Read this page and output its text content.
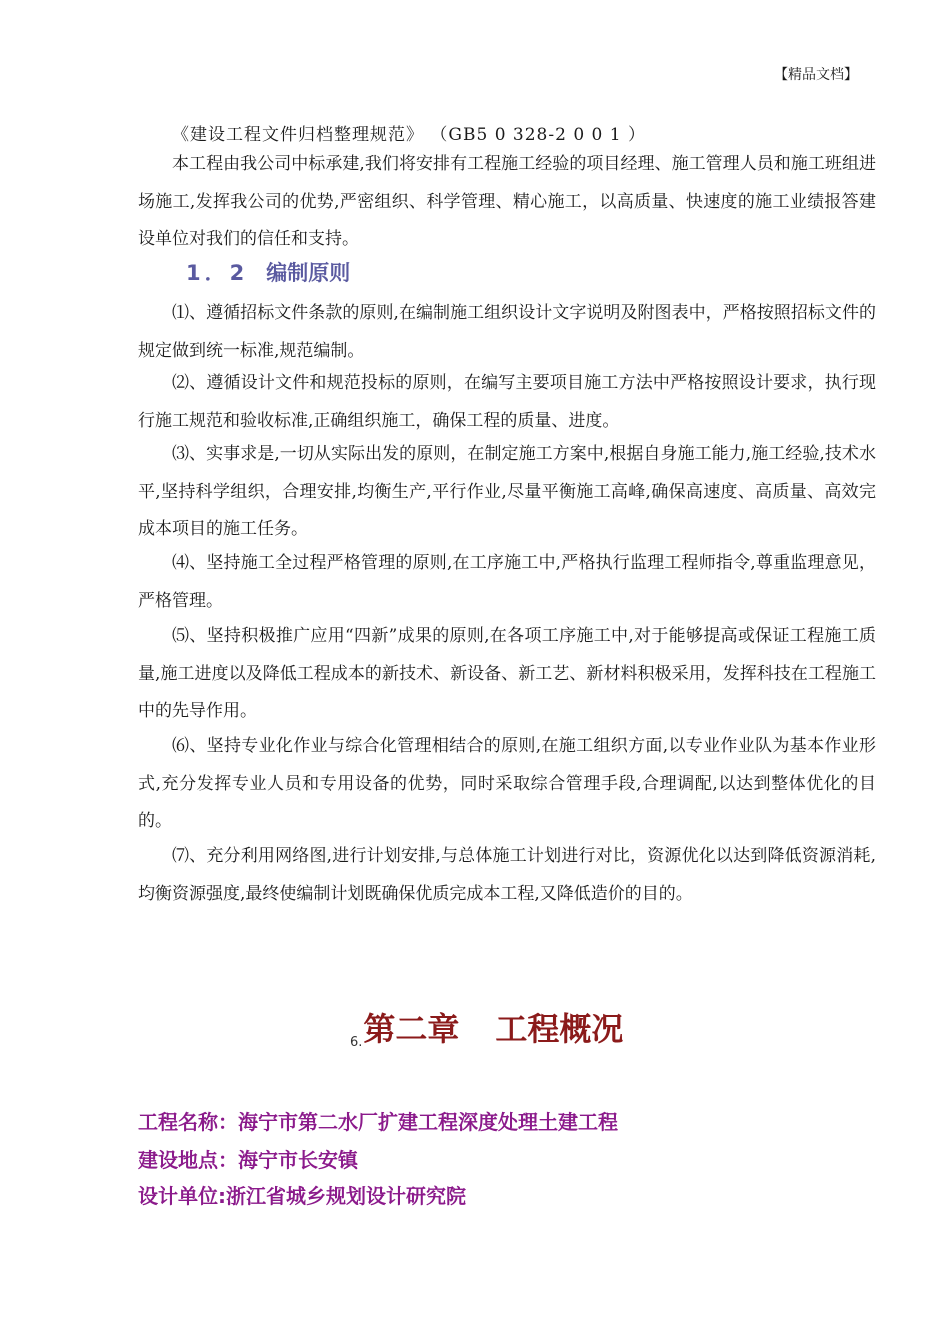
【精品文档】
《建设工程文件归档整理规范》 （GB5 0 328-2 0 0 1 ）
本工程由我公司中标承建,我们将安排有工程施工经验的项目经理、施工管理人员和施工班组进场施工,发挥我公司的优势,严密组织、科学管理、精心施工，以高质量、快速度的施工业绩报答建设单位对我们的信任和支持。
1．2 编制原则
⑴、遵循招标文件条款的原则,在编制施工组织设计文字说明及附图表中，严格按照招标文件的规定做到统一标准,规范编制。
⑵、遵循设计文件和规范投标的原则，在编写主要项目施工方法中严格按照设计要求，执行现行施工规范和验收标准,正确组织施工，确保工程的质量、进度。
⑶、实事求是,一切从实际出发的原则，在制定施工方案中,根据自身施工能力,施工经验,技术水平,坚持科学组织，合理安排,均衡生产,平行作业,尽量平衡施工高峰,确保高速度、高质量、高效完成本项目的施工任务。
⑷、坚持施工全过程严格管理的原则,在工序施工中,严格执行监理工程师指令,尊重监理意见，严格管理。
⑸、坚持积极推广应用“四新”成果的原则,在各项工序施工中,对于能够提高或保证工程施工质量,施工进度以及降低工程成本的新技术、新设备、新工艺、新材料积极采用，发挥科技在工程施工中的先导作用。
⑹、坚持专业化作业与综合化管理相结合的原则,在施工组织方面,以专业作业队为基本作业形式,充分发挥专业人员和专用设备的优势，同时采取综合管理手段,合理调配,以达到整体优化的目的。
⑺、充分利用网络图,进行计划安排,与总体施工计划进行对比，资源优化以达到降低资源消耗,均衡资源强度,最终使编制计划既确保优质完成本工程,又降低造价的目的。
6.第二章 工程概况
工程名称：海宁市第二水厂扩建工程深度处理土建工程
建设地点：海宁市长安镇
设计单位:浙江省城乡规划设计研究院
